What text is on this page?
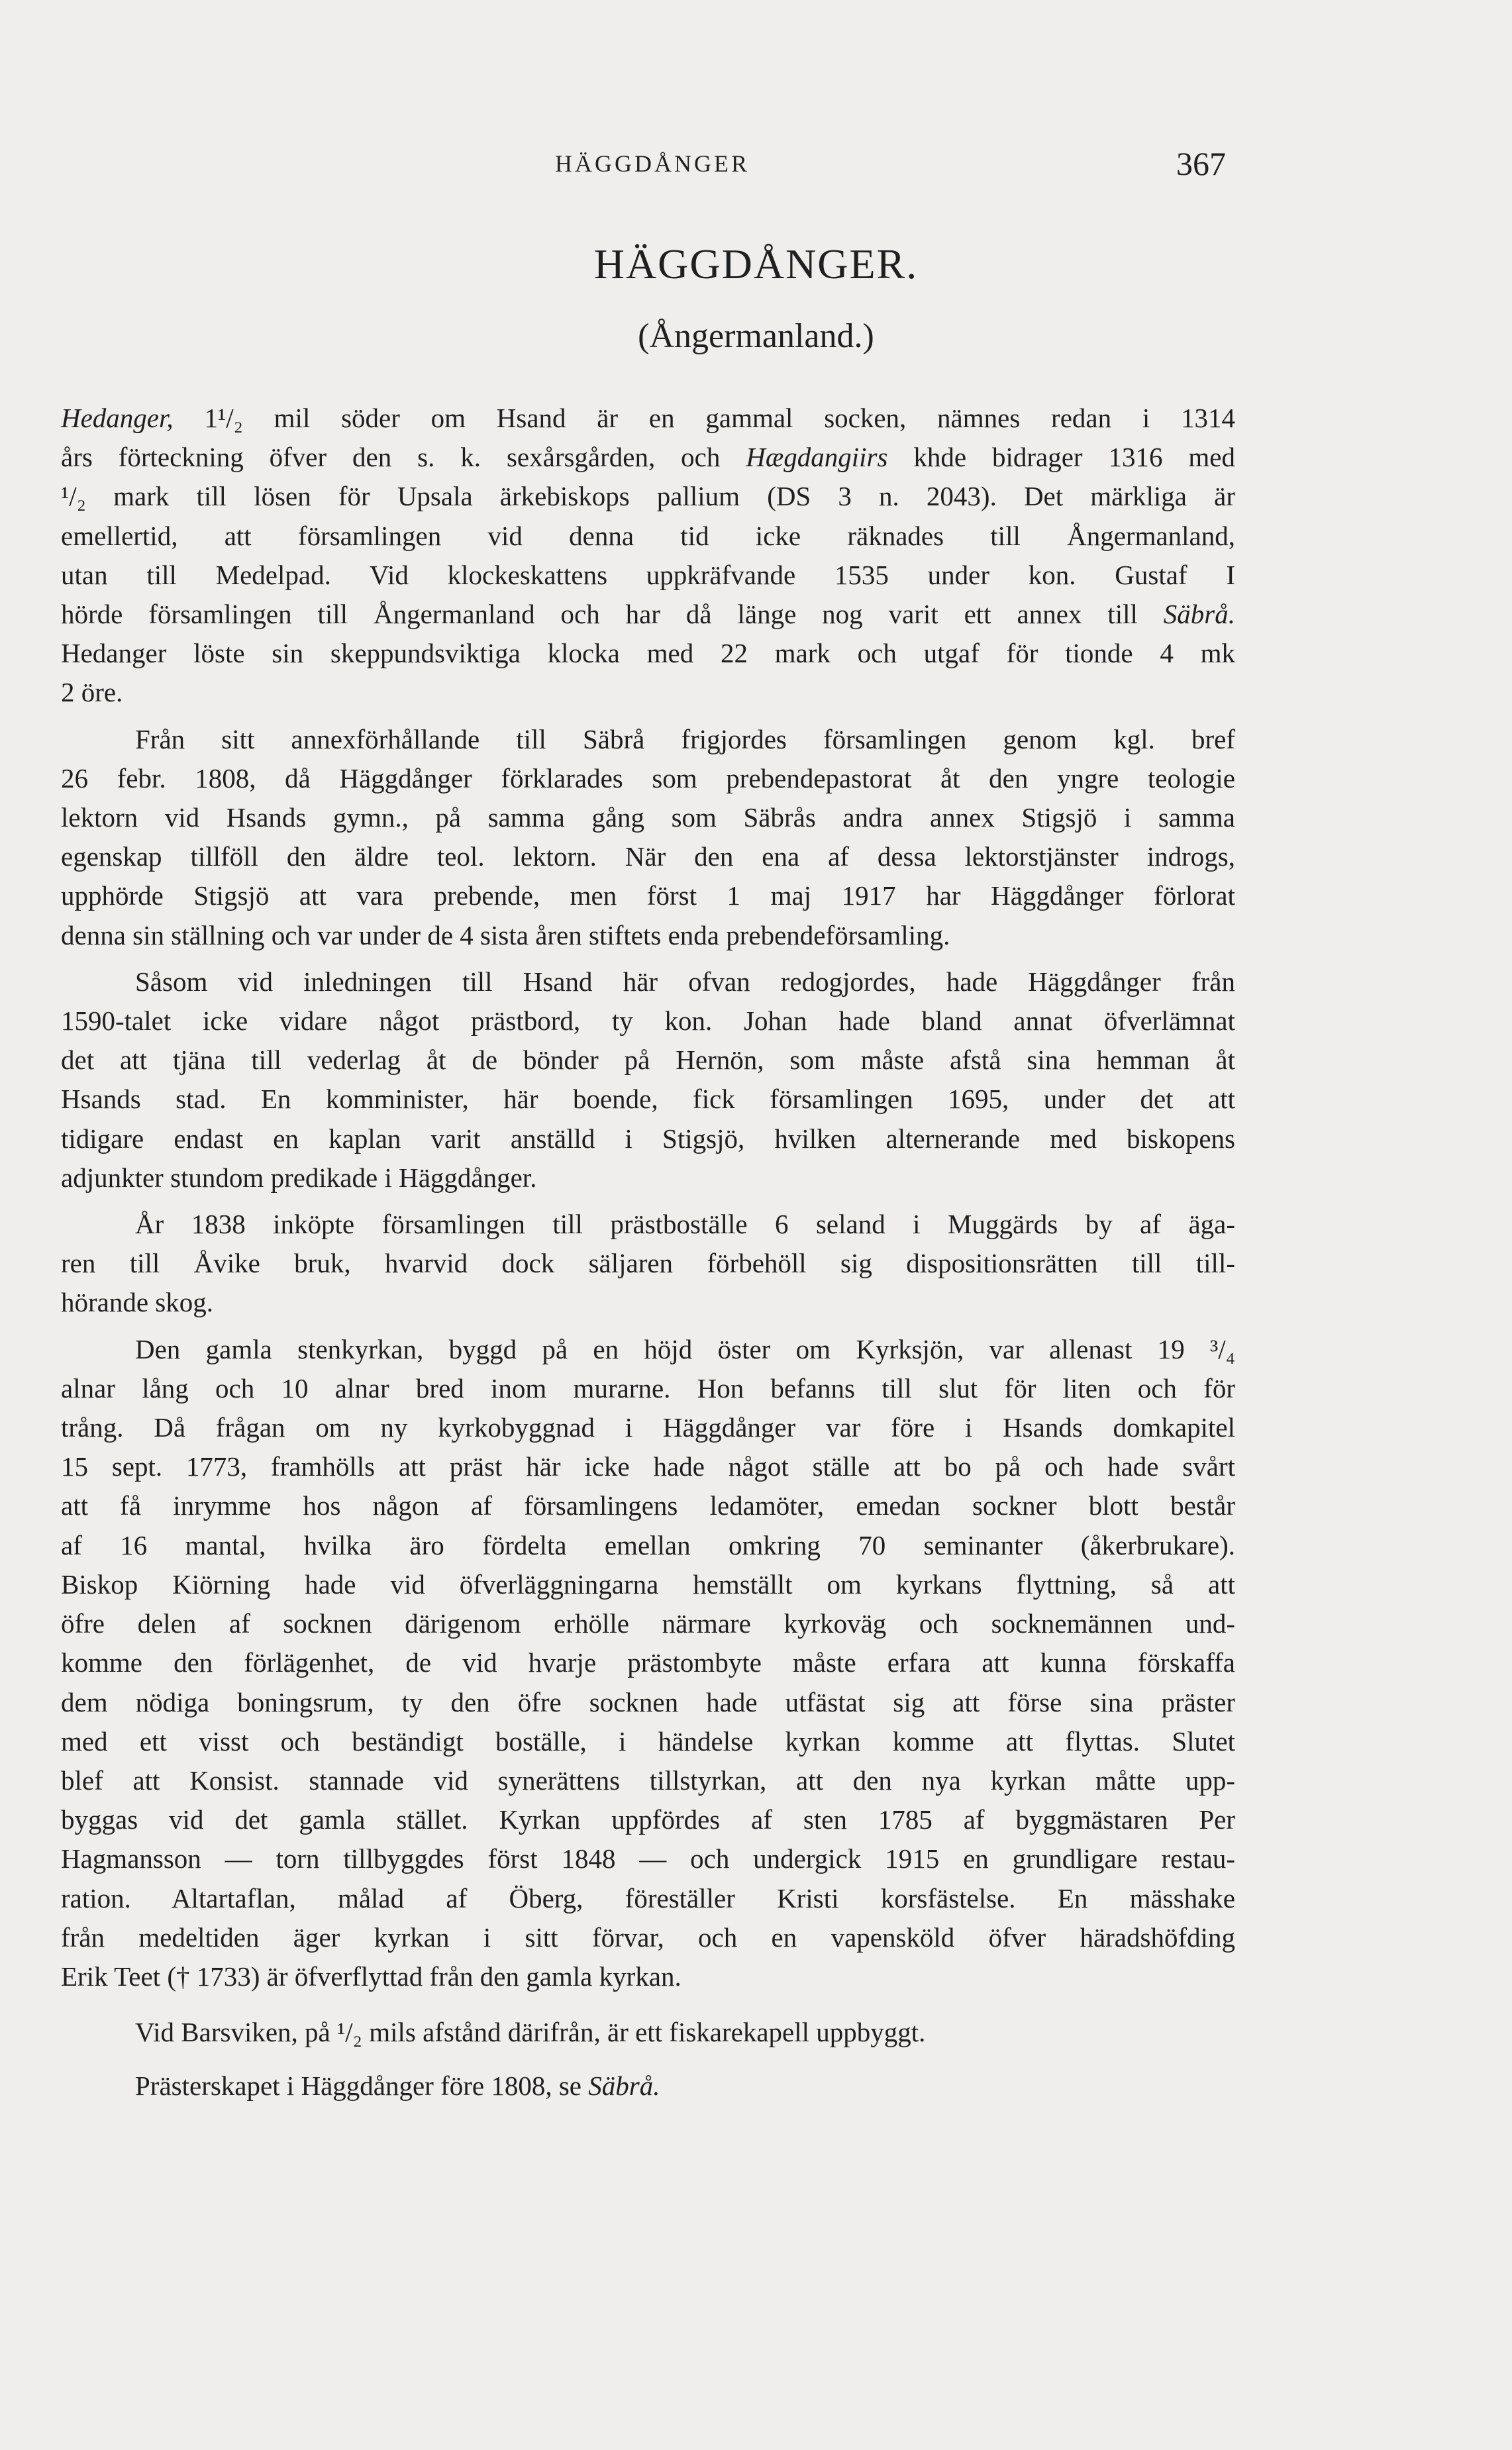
HÄGGDÅNGER	367
HÄGGDÅNGER.
(Ångermanland.)
Hedanger, 1¹/₂ mil söder om Hsand är en gammal socken, nämnes redan i 1314
års förteckning öfver den s. k. sexårsgården, och Hægdangiirs khde bidrager 1316 med
¹/₂ mark till lösen för Upsala ärkebiskops pallium (DS 3 n. 2043). Det märkliga är
emellertid, att församlingen vid denna tid icke räknades till Ångermanland,
utan till Medelpad. Vid klockeskattens uppkräfvande 1535 under kon. Gustaf I
hörde församlingen till Ångermanland och har då länge nog varit ett annex till Säbrå.
Hedanger löste sin skeppundsviktiga klocka med 22 mark och utgaf för tionde 4 mk
2 öre.
Från sitt annexförhållande till Säbrå frigjordes församlingen genom kgl. bref
26 febr. 1808, då Häggdånger förklarades som prebendepastorat åt den yngre teologie
lektorn vid Hsands gymn., på samma gång som Säbrås andra annex Stigsjö i samma
egenskap tillföll den äldre teol. lektorn. När den ena af dessa lektorstjänster indrogs,
upphörde Stigsjö att vara prebende, men först 1 maj 1917 har Häggdånger förlorat
denna sin ställning och var under de 4 sista åren stiftets enda prebendeförsamling.
Såsom vid inledningen till Hsand här ofvan redogjordes, hade Häggdånger från
1590-talet icke vidare något prästbord, ty kon. Johan hade bland annat öfverlämnat
det att tjäna till vederlag åt de bönder på Hernön, som måste afstå sina hemman åt
Hsands stad. En komminister, här boende, fick församlingen 1695, under det att
tidigare endast en kaplan varit anställd i Stigsjö, hvilken alternerande med biskopens
adjunkter stundom predikade i Häggdånger.
År 1838 inköpte församlingen till prästboställe 6 seland i Muggärds by af äga-
ren till Åvike bruk, hvarvid dock säljaren förbehöll sig dispositionsrätten till till-
hörande skog.
Den gamla stenkyrkan, byggd på en höjd öster om Kyrksjön, var allenast 19 ³/₄
alnar lång och 10 alnar bred inom murarne. Hon befanns till slut för liten och för
trång. Då frågan om ny kyrkobyggnad i Häggdånger var före i Hsands domkapitel
15 sept. 1773, framhölls att präst här icke hade något ställe att bo på och hade svårt
att få inrymme hos någon af församlingens ledamöter, emedan sockner blott består
af 16 mantal, hvilka äro fördelta emellan omkring 70 seminanter (åkerbrukare).
Biskop Kiörning hade vid öfverläggningarna hemställt om kyrkans flyttning, så att
öfre delen af socknen därigenom erhölle närmare kyrkoväg och socknemännen und-
komme den förlägenhet, de vid hvarje prästombyte måste erfara att kunna förskaffa
dem nödiga boningsrum, ty den öfre socknen hade utfästat sig att förse sina präster
med ett visst och beständigt boställe, i händelse kyrkan komme att flyttas. Slutet
blef att Konsist. stannade vid synerättens tillstyrkan, att den nya kyrkan måtte upp-
byggas vid det gamla stället. Kyrkan uppfördes af sten 1785 af byggmästaren Per
Hagmansson — torn tillbyggdes först 1848 — och undergick 1915 en grundligare restau-
ration. Altartaflan, målad af Öberg, föreställer Kristi korsfästelse. En mässhake
från medeltiden äger kyrkan i sitt förvar, och en vapensköld öfver häradshöfding
Erik Teet († 1733) är öfverflyttad från den gamla kyrkan.
Vid Barsviken, på ¹/₂ mils afstånd därifrån, är ett fiskarekapell uppbyggt.
Prästerskapet i Häggdånger före 1808, se Säbrå.
